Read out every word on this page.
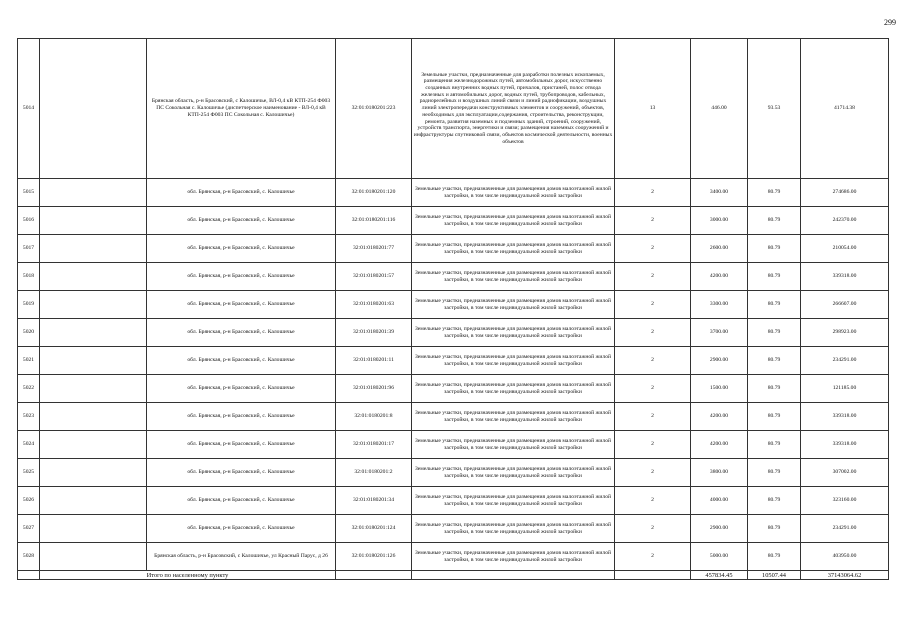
299
5014		Брянская область, р-н Брасовский, с Калошичье, ВЛ-0,4 кВ КТП-254 Ф003 ПС Сокольная с. Калошичье (диспетчерское наименование - ВЛ-0,4 кВ КТП-254 Ф003 ПС Сокольная с. Калошичье)	32:01:0180201:223	Земельные участки, предназначенные для разработки полезных ископаемых, размещения железнодорожных путей, автомобильных дорог, искусственно созданных внутренних водных путей, причалов, пристаней, полос отвода железных и автомобильных дорог, водных путей, трубопроводов, кабельных, радиорелейных и воздушных линий связи и линий радиофикации, воздушных линий электропередачи конструктивных элементов и сооружений, объектов, необходимых для эксплуатации,содержания, строительства, реконструкции, ремонта, развития наземных и подземных зданий, строений, сооружений, устройств транспорта, энергетики и связи; размещения наземных сооружений и инфраструктуры спутниковой связи, объектов космической деятельности, военных объектов	13	446.00	93.53	41714.38
5015		обл. Брянская, р-н Брасовский, с. Калошичье	32:01:0180201:120	Земельные участки, предназначенные для размещения домов малоэтажной жилой застройки, в том числе индивидуальной жилой застройки	2	3400.00	80.79	274686.00
5016		обл. Брянская, р-н Брасовский, с. Калошичье	32:01:0180201:116	Земельные участки, предназначенные для размещения домов малоэтажной жилой застройки, в том числе индивидуальной жилой застройки	2	3000.00	80.79	242370.00
5017		обл. Брянская, р-н Брасовский, с. Калошичье	32:01:0180201:77	Земельные участки, предназначенные для размещения домов малоэтажной жилой застройки, в том числе индивидуальной жилой застройки	2	2600.00	80.79	210054.00
5018		обл. Брянская, р-н Брасовский, с. Калошичье	32:01:0180201:57	Земельные участки, предназначенные для размещения домов малоэтажной жилой застройки, в том числе индивидуальной жилой застройки	2	4200.00	80.79	339318.00
5019		обл. Брянская, р-н Брасовский, с. Калошичье	32:01:0180201:63	Земельные участки, предназначенные для размещения домов малоэтажной жилой застройки, в том числе индивидуальной жилой застройки	2	3300.00	80.79	266607.00
5020		обл. Брянская, р-н Брасовский, с. Калошичье	32:01:0180201:39	Земельные участки, предназначенные для размещения домов малоэтажной жилой застройки, в том числе индивидуальной жилой застройки	2	3700.00	80.79	298923.00
5021		обл. Брянская, р-н Брасовский, с. Калошичье	32:01:0180201:11	Земельные участки, предназначенные для размещения домов малоэтажной жилой застройки, в том числе индивидуальной жилой застройки	2	2900.00	80.79	234291.00
5022		обл. Брянская, р-н Брасовский, с. Калошичье	32:01:0180201:96	Земельные участки, предназначенные для размещения домов малоэтажной жилой застройки, в том числе индивидуальной жилой застройки	2	1500.00	80.79	121185.00
5023		обл. Брянская, р-н Брасовский, с. Калошичье	32:01:0180201:8	Земельные участки, предназначенные для размещения домов малоэтажной жилой застройки, в том числе индивидуальной жилой застройки	2	4200.00	80.79	339318.00
5024		обл. Брянская, р-н Брасовский, с. Калошичье	32:01:0180201:17	Земельные участки, предназначенные для размещения домов малоэтажной жилой застройки, в том числе индивидуальной жилой застройки	2	4200.00	80.79	339318.00
5025		обл. Брянская, р-н Брасовский, с. Калошичье	32:01:0180201:2	Земельные участки, предназначенные для размещения домов малоэтажной жилой застройки, в том числе индивидуальной жилой застройки	2	3800.00	80.79	307002.00
5026		обл. Брянская, р-н Брасовский, с. Калошичье	32:01:0180201:34	Земельные участки, предназначенные для размещения домов малоэтажной жилой застройки, в том числе индивидуальной жилой застройки	2	4000.00	80.79	323160.00
5027		обл. Брянская, р-н Брасовский, с. Калошичье	32:01:0180201:124	Земельные участки, предназначенные для размещения домов малоэтажной жилой застройки, в том числе индивидуальной жилой застройки	2	2900.00	80.79	234291.00
5028		Брянская область, р-н Брасовский, с Калошичье, ул Красный Парус, д 26	32:01:0180201:126	Земельные участки, предназначенные для размещения домов малоэтажной жилой застройки, в том числе индивидуальной жилой застройки	2	5000.00	80.79	403950.00
	Итого по населенному пункту					457834.45	10507.44	37143064.62
